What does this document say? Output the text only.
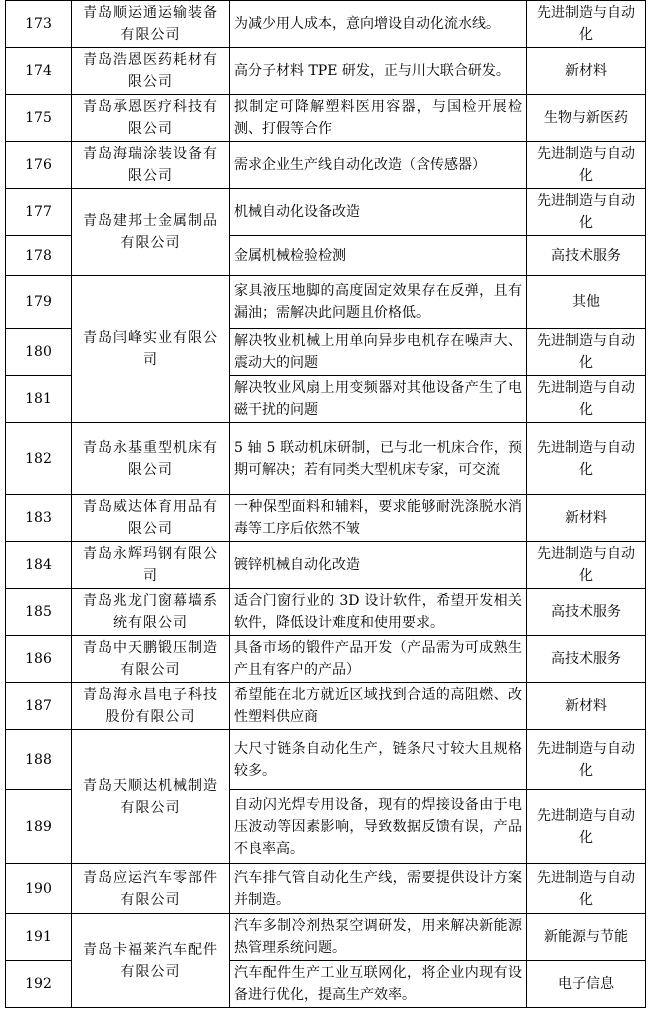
173	青岛顺运通运输装备有限公司	为减少用人成本，意向增设自动化流水线。	先进制造与自动化
174	青岛浩恩医药耗材有限公司	高分子材料 TPE 研发，正与川大联合研发。	新材料
175	青岛承恩医疗科技有限公司	拟制定可降解塑料医用容器，与国检开展检测、打假等合作	生物与新医药
176	青岛海瑞涂装设备有限公司	需求企业生产线自动化改造（含传感器）	先进制造与自动化
177	青岛建邦士金属制品有限公司	机械自动化设备改造	先进制造与自动化
178		金属机械检验检测	高技术服务
179	青岛闫峰实业有限公司	家具液压地脚的高度固定效果存在反弹，且有漏油；需解决此问题且价格低。	其他
180		解决牧业机械上用单向异步电机存在噪声大、震动大的问题	先进制造与自动化
181		解决牧业风扇上用变频器对其他设备产生了电磁干扰的问题	先进制造与自动化
182	青岛永基重型机床有限公司	5 轴 5 联动机床研制，已与北一机床合作，预期可解决；若有同类大型机床专家，可交流	先进制造与自动化
183	青岛威达体育用品有限公司	一种保型面料和辅料，要求能够耐洗涤脱水消毒等工序后依然不皱	新材料
184	青岛永辉玛钢有限公司	镀锌机械自动化改造	先进制造与自动化
185	青岛兆龙门窗幕墙系统有限公司	适合门窗行业的 3D 设计软件，希望开发相关软件，降低设计难度和使用要求。	高技术服务
186	青岛中天鹏锻压制造有限公司	具备市场的锻件产品开发（产品需为可成熟生产且有客户的产品）	高技术服务
187	青岛海永昌电子科技股份有限公司	希望能在北方就近区域找到合适的高阻燃、改性塑料供应商	新材料
188	青岛天顺达机械制造有限公司	大尺寸链条自动化生产，链条尺寸较大且规格较多。	先进制造与自动化
189		自动闪光焊专用设备，现有的焊接设备由于电压波动等因素影响，导致数据反馈有误，产品不良率高。	先进制造与自动化
190	青岛应运汽车零部件有限公司	汽车排气管自动化生产线，需要提供设计方案并制造。	先进制造与自动化
191	青岛卡福莱汽车配件有限公司	汽车多制冷剂热泵空调研发，用来解决新能源热管理系统问题。	新能源与节能
192		汽车配件生产工业互联网化，将企业内现有设备进行优化，提高生产效率。	电子信息
